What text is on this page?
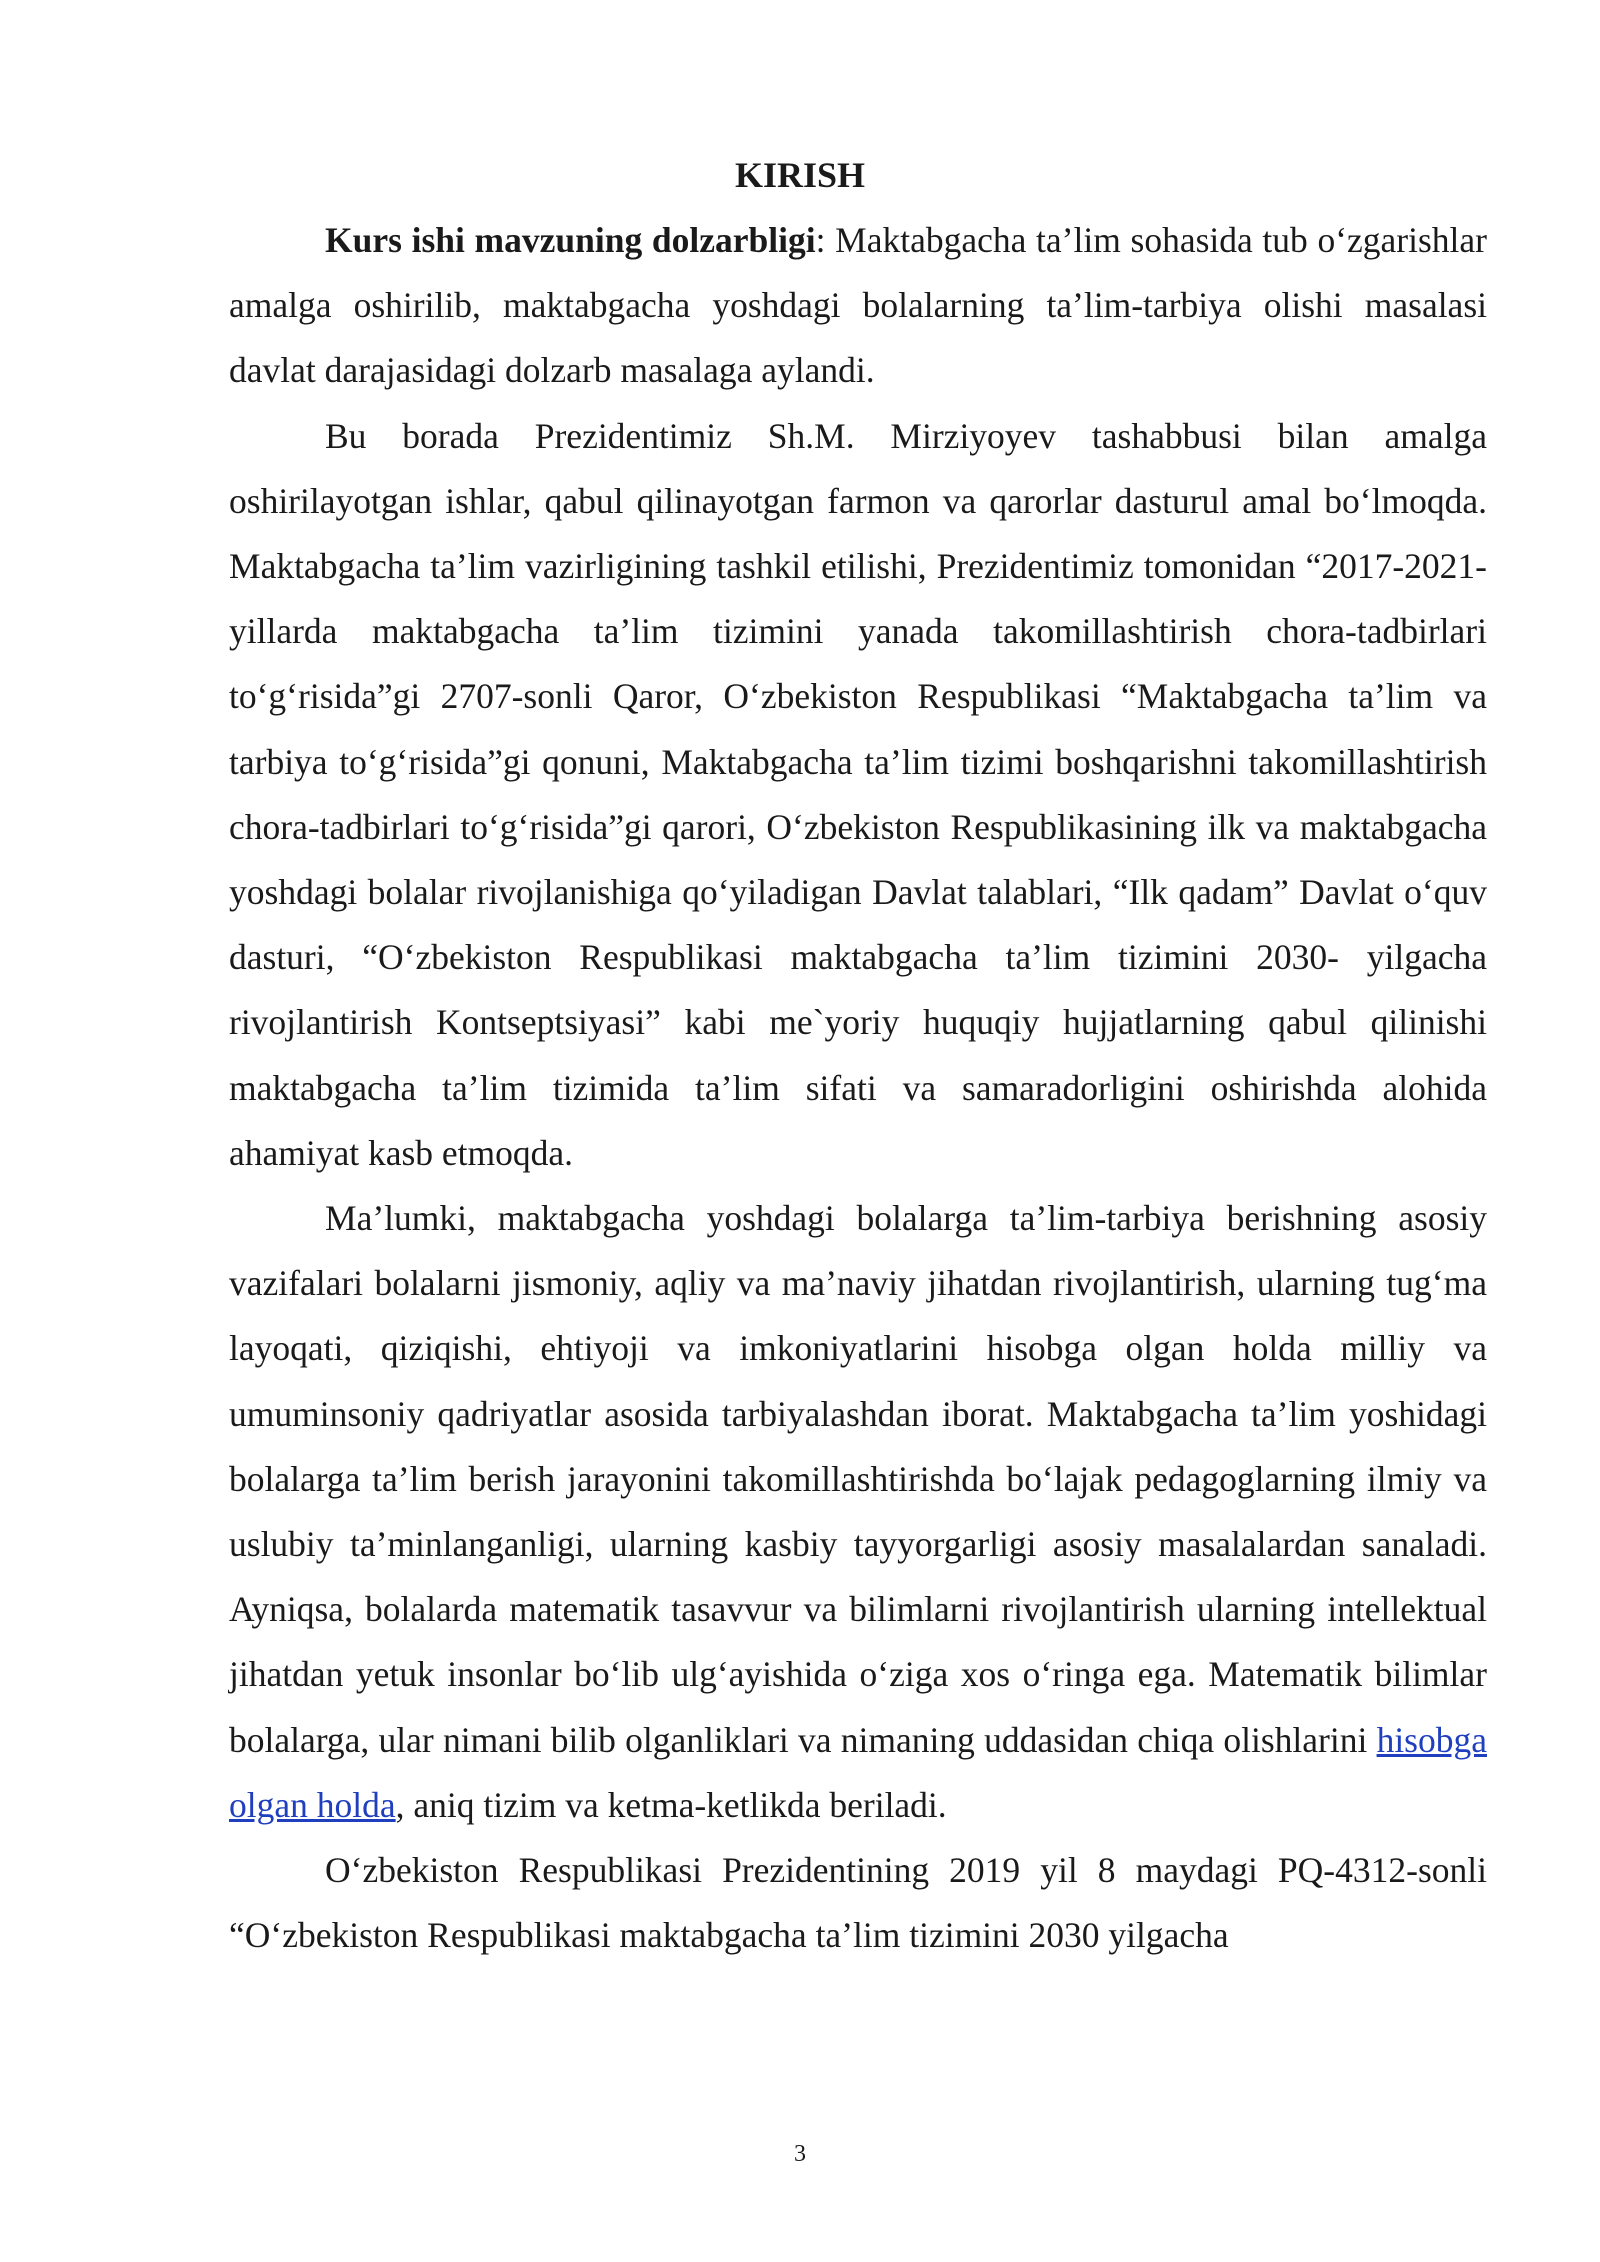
KIRISH

Kurs ishi mavzuning dolzarbligi: Maktabgacha ta’lim sohasida tub o‘zgarishlar amalga oshirilib, maktabgacha yoshdagi bolalarning ta’lim-tarbiya olishi masalasi davlat darajasidagi dolzarb masalaga aylandi.

Bu borada Prezidentimiz Sh.M. Mirziyoyev tashabbusi bilan amalga oshirilayotgan ishlar, qabul qilinayotgan farmon va qarorlar dasturul amal bo‘lmoqda. Maktabgacha ta’lim vazirligining tashkil etilishi, Prezidentimiz tomonidan “2017-2021-yillarda maktabgacha ta’lim tizimini yanada takomillashtirish chora-tadbirlari to‘g‘risida”gi 2707-sonli Qaror, O‘zbekiston Respublikasi “Maktabgacha ta’lim va tarbiya to‘g‘risida”gi qonuni, Maktabgacha ta’lim tizimi boshqarishni takomillashtirish chora-tadbirlari to‘g‘risida”gi qarori, O‘zbekiston Respublikasining ilk va maktabgacha yoshdagi bolalar rivojlanishiga qo‘yiladigan Davlat talablari, “Ilk qadam” Davlat o‘quv dasturi, “O‘zbekiston Respublikasi maktabgacha ta’lim tizimini 2030- yilgacha rivojlantirish Kontseptsiyasi” kabi me`yoriy huquqiy hujjatlarning qabul qilinishi maktabgacha ta’lim tizimida ta’lim sifati va samaradorligini oshirishda alohida ahamiyat kasb etmoqda.

Ma’lumki, maktabgacha yoshdagi bolalarga ta’lim-tarbiya berishning asosiy vazifalari bolalarni jismoniy, aqliy va ma’naviy jihatdan rivojlantirish, ularning tug‘ma layoqati, qiziqishi, ehtiyoji va imkoniyatlarini hisobga olgan holda milliy va umuminsoniy qadriyatlar asosida tarbiyalashdan iborat. Maktabgacha ta’lim yoshidagi bolalarga ta’lim berish jarayonini takomillashtirishda bo‘lajak pedagoglarning ilmiy va uslubiy ta’minlanganligi, ularning kasbiy tayyorgarligi asosiy masalalardan sanaladi. Ayniqsa, bolalarda matematik tasavvur va bilimlarni rivojlantirish ularning intellektual jihatdan yetuk insonlar bo‘lib ulg‘ayishida o‘ziga xos o‘ringa ega. Matematik bilimlar bolalarga, ular nimani bilib olganliklari va nimaning uddasidan chiqa olishlarini hisobga olgan holda, aniq tizim va ketma-ketlikda beriladi.

O‘zbekiston Respublikasi Prezidentining 2019 yil 8 maydagi PQ-4312-sonli “O‘zbekiston Respublikasi maktabgacha ta’lim tizimini 2030 yilgacha

3
